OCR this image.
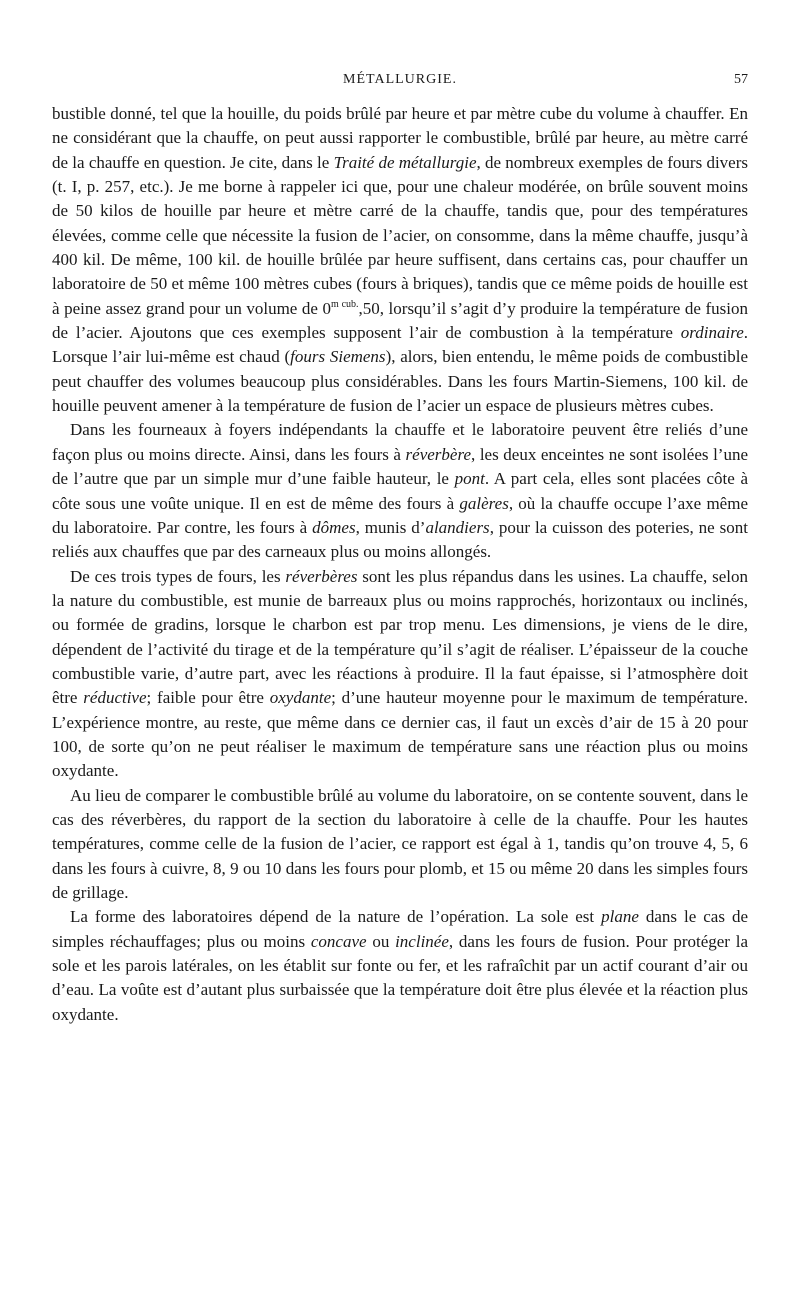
MÉTALLURGIE.	57

bustible donné, tel que la houille, du poids brûlé par heure et par mètre cube du volume à chauffer. En ne considérant que la chauffe, on peut aussi rapporter le combustible, brûlé par heure, au mètre carré de la chauffe en question. Je cite, dans le Traité de métallurgie, de nombreux exemples de fours divers (t. I, p. 257, etc.). Je me borne à rappeler ici que, pour une chaleur modérée, on brûle souvent moins de 50 kilos de houille par heure et mètre carré de la chauffe, tandis que, pour des températures élevées, comme celle que nécessite la fusion de l’acier, on consomme, dans la même chauffe, jusqu’à 400 kil. De même, 100 kil. de houille brûlée par heure suffisent, dans certains cas, pour chauffer un laboratoire de 50 et même 100 mètres cubes (fours à briques), tandis que ce même poids de houille est à peine assez grand pour un volume de $0^{m cub.},50$, lorsqu’il s’agit d’y produire la température de fusion de l’acier. Ajoutons que ces exemples supposent l’air de combustion à la température ordinaire. Lorsque l’air lui-même est chaud (fours Siemens), alors, bien entendu, le même poids de combustible peut chauffer des volumes beaucoup plus considérables. Dans les fours Martin-Siemens, 100 kil. de houille peuvent amener à la température de fusion de l’acier un espace de plusieurs mètres cubes.

Dans les fourneaux à foyers indépendants la chauffe et le laboratoire peuvent être reliés d’une façon plus ou moins directe. Ainsi, dans les fours à réverbère, les deux enceintes ne sont isolées l’une de l’autre que par un simple mur d’une faible hauteur, le pont. A part cela, elles sont placées côte à côte sous une voûte unique. Il en est de même des fours à galères, où la chauffe occupe l’axe même du laboratoire. Par contre, les fours à dômes, munis d’alandiers, pour la cuisson des poteries, ne sont reliés aux chauffes que par des carneaux plus ou moins allongés.

De ces trois types de fours, les réverbères sont les plus répandus dans les usines. La chauffe, selon la nature du combustible, est munie de barreaux plus ou moins rapprochés, horizontaux ou inclinés, ou formée de gradins, lorsque le charbon est par trop menu. Les dimensions, je viens de le dire, dépendent de l’activité du tirage et de la température qu’il s’agit de réaliser. L’épaisseur de la couche combustible varie, d’autre part, avec les réactions à produire. Il la faut épaisse, si l’atmosphère doit être réductive; faible pour être oxydante; d’une hauteur moyenne pour le maximum de température. L’expérience montre, au reste, que même dans ce dernier cas, il faut un excès d’air de 15 à 20 pour 100, de sorte qu’on ne peut réaliser le maximum de température sans une réaction plus ou moins oxydante.

Au lieu de comparer le combustible brûlé au volume du laboratoire, on se contente souvent, dans le cas des réverbères, du rapport de la section du laboratoire à celle de la chauffe. Pour les hautes températures, comme celle de la fusion de l’acier, ce rapport est égal à 1, tandis qu’on trouve 4, 5, 6 dans les fours à cuivre, 8, 9 ou 10 dans les fours pour plomb, et 15 ou même 20 dans les simples fours de grillage.

La forme des laboratoires dépend de la nature de l’opération. La sole est plane dans le cas de simples réchauffages; plus ou moins concave ou inclinée, dans les fours de fusion. Pour protéger la sole et les parois latérales, on les établit sur fonte ou fer, et les rafraîchit par un actif courant d’air ou d’eau. La voûte est d’autant plus surbaissée que la température doit être plus élevée et la réaction plus oxydante.
